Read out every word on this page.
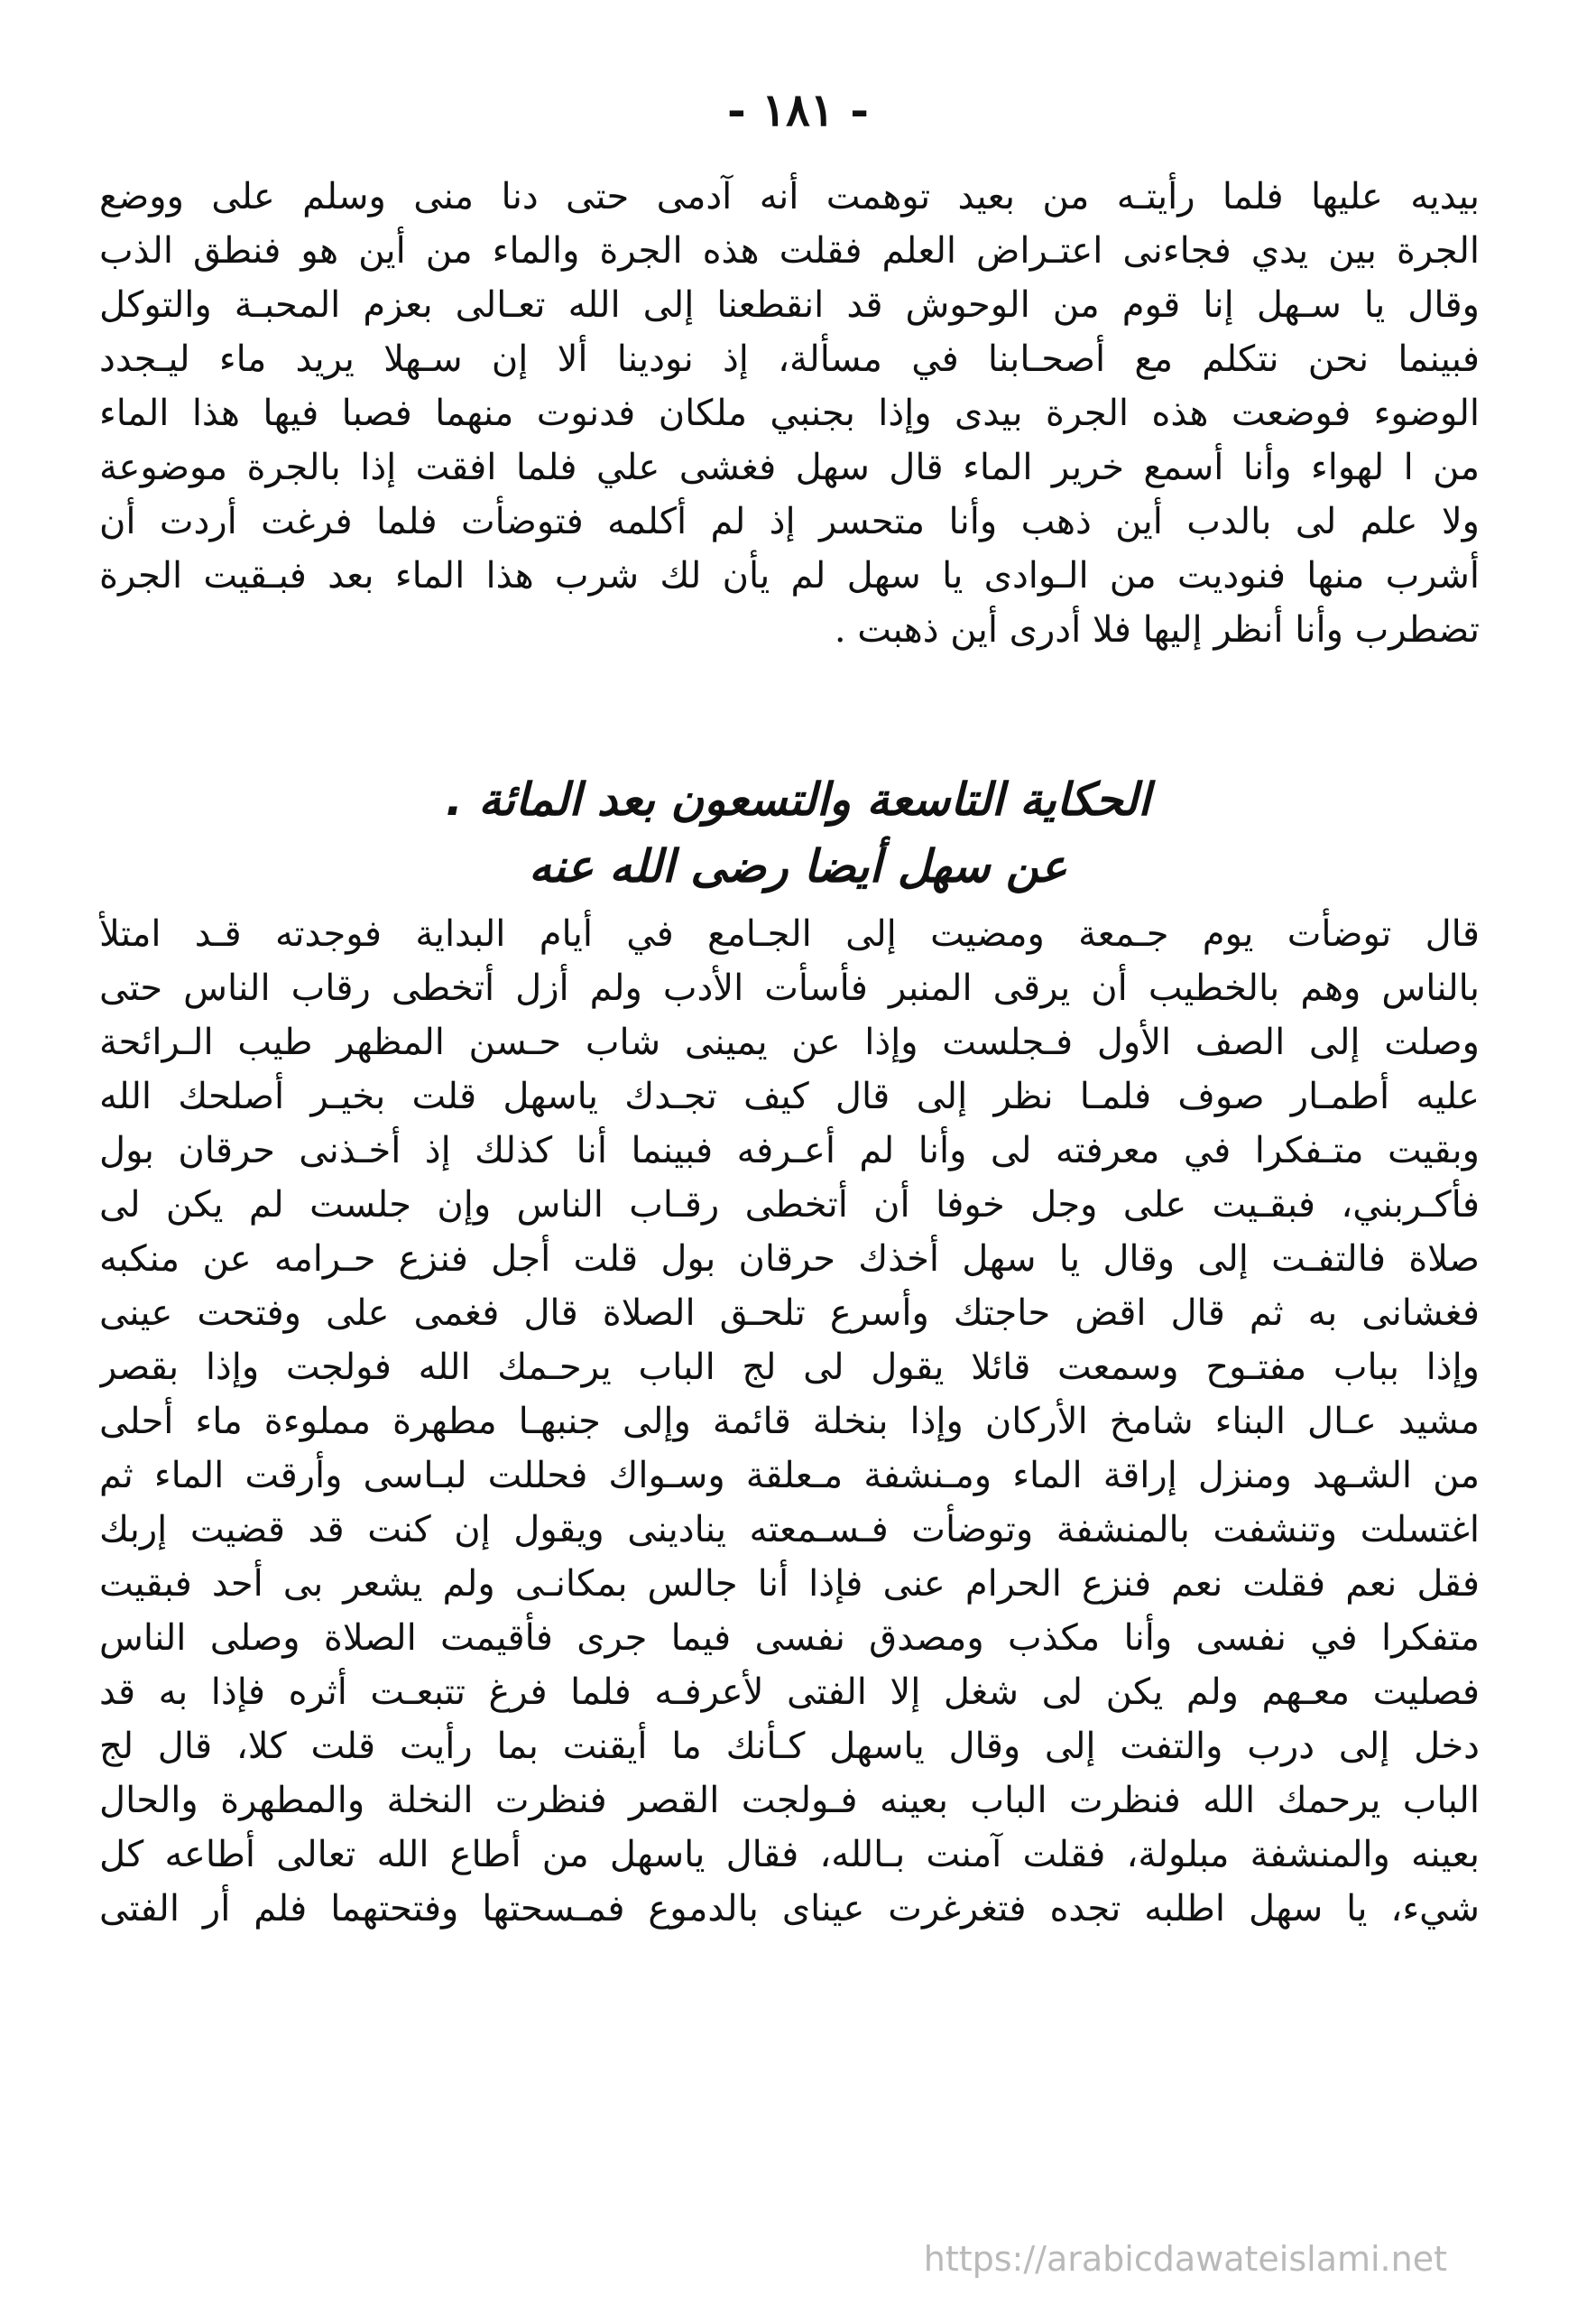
- ١٨١ -
بيديه عليها فلما رأيتـه من بعيد توهمت أنه آدمى حتى دنا منى وسلم على ووضع
الجرة بين يدي فجاءنى اعتـراض العلم فقلت هذه الجرة والماء من أين هو فنطق الذب
وقال يا سـهل إنا قوم من الوحوش قد انقطعنا إلى الله تعـالى بعزم المحبـة والتوكل
فبينما نحن نتكلم مع أصحـابنا في مسألة، إذ نودينا ألا إن سـهلا يريد ماء ليـجدد
الوضوء فوضعت هذه الجرة بيدى وإذا بجنبي ملكان فدنوت منهما فصبا فيها هذا الماء
من ا لهواء وأنا أسمع خرير الماء قال سهل فغشى علي فلما افقت إذا بالجرة موضوعة
ولا علم لى بالدب أين ذهب وأنا متحسر إذ لم أكلمه فتوضأت فلما فرغت أردت أن
أشرب منها فنوديت من الـوادى يا سهل لم يأن لك شرب هذا الماء بعد فبـقيت الجرة
تضطرب وأنا أنظر إليها فلا أدرى أين ذهبت .
الحكاية التاسعة والتسعون بعد المائة .
عن سهل أيضا رضى الله عنه
قال توضأت يوم جـمعة ومضيت إلى الجـامع في أيام البداية فوجدته قـد امتلأ
بالناس وهم بالخطيب أن يرقى المنبر فأسأت الأدب ولم أزل أتخطى رقاب الناس حتى
وصلت إلى الصف الأول فـجلست وإذا عن يمينى شاب حـسن المظهر طيب الـرائحة
عليه أطمـار صوف فلمـا نظر إلى قال كيف تجـدك ياسهل قلت بخيـر أصلحك الله
وبقيت متـفكرا في معرفته لى وأنا لم أعـرفه فبينما أنا كذلك إذ أخـذنى حرقان بول
فأكـربني، فبقـيت على وجل خوفا أن أتخطى رقـاب الناس وإن جلست لم يكن لى
صلاة فالتفـت إلى وقال يا سهل أخذك حرقان بول قلت أجل فنزع حـرامه عن منكبه
فغشانى به ثم قال اقض حاجتك وأسرع تلحـق الصلاة قال فغمى على وفتحت عينى
وإذا بباب مفتـوح وسمعت قائلا يقول لى لج الباب يرحـمك الله فولجت وإذا بقصر
مشيد عـال البناء شامخ الأركان وإذا بنخلة قائمة وإلى جنبهـا مطهرة مملوءة ماء أحلى
من الشـهد ومنزل إراقة الماء ومـنشفة مـعلقة وسـواك فحللت لبـاسى وأرقت الماء ثم
اغتسلت وتنشفت بالمنشفة وتوضأت فـسـمعته ينادينى ويقول إن كنت قد قضيت إربك
فقل نعم فقلت نعم فنزع الحرام عنى فإذا أنا جالس بمكانـى ولم يشعر بى أحد فبقيت
متفكرا في نفسى وأنا مكذب ومصدق نفسى فيما جرى فأقيمت الصلاة وصلى الناس
فصليت معـهم ولم يكن لى شغل إلا الفتى لأعرفـه فلما فرغ تتبعـت أثره فإذا به قد
دخل إلى درب والتفت إلى وقال ياسهل كـأنك ما أيقنت بما رأيت قلت كلا، قال لج
الباب يرحمك الله فنظرت الباب بعينه فـولجت القصر فنظرت النخلة والمطهرة والحال
بعينه والمنشفة مبلولة، فقلت آمنت بـالله، فقال ياسهل من أطاع الله تعالى أطاعه كل
شيء، يا سهل اطلبه تجده فتغرغرت عيناى بالدموع فمـسحتها وفتحتهما فلم أر الفتى
https://arabicdawateislami.net
